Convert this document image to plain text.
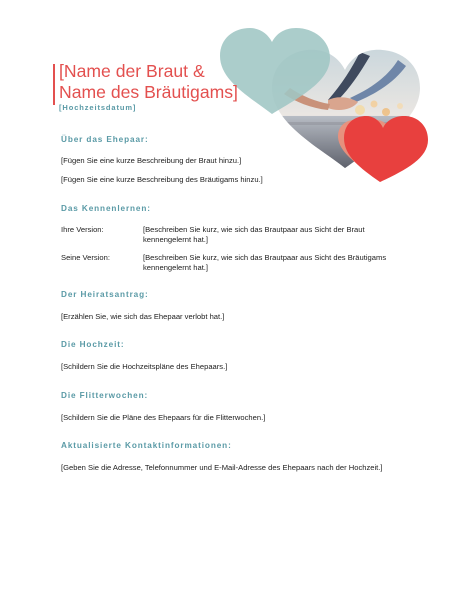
[Name der Braut &
Name des Bräutigams]
[Hochzeitsdatum]
Über das Ehepaar:
[Fügen Sie eine kurze Beschreibung der Braut hinzu.]
[Fügen Sie eine kurze Beschreibung des Bräutigams hinzu.]
Das Kennenlernen:
Ihre Version:	[Beschreiben Sie kurz, wie sich das Brautpaar aus Sicht der Braut kennengelernt hat.]
Seine Version:	[Beschreiben Sie kurz, wie sich das Brautpaar aus Sicht des Bräutigams kennengelernt hat.]
Der Heiratsantrag:
[Erzählen Sie, wie sich das Ehepaar verlobt hat.]
Die Hochzeit:
[Schildern Sie die Hochzeitspläne des Ehepaars.]
Die Flitterwochen:
[Schildern Sie die Pläne des Ehepaars für die Flitterwochen.]
Aktualisierte Kontaktinformationen:
[Geben Sie die Adresse, Telefonnummer und E-Mail-Adresse des Ehepaars nach der Hochzeit.]
